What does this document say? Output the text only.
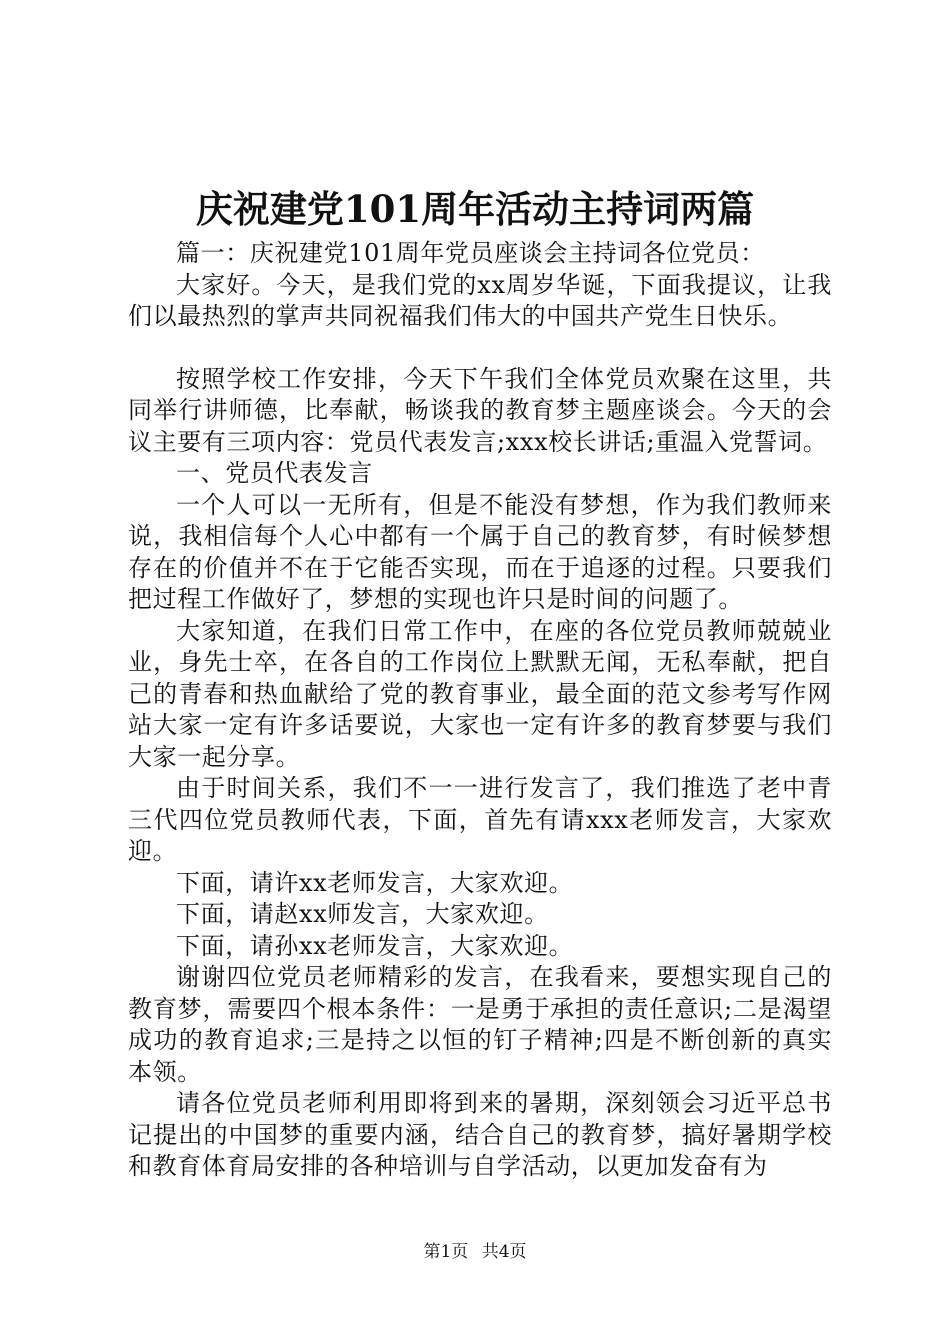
庆祝建党101周年活动主持词两篇

篇一：庆祝建党101周年党员座谈会主持词各位党员：

大家好。今天，是我们党的xx周岁华诞，下面我提议，让我们以最热烈的掌声共同祝福我们伟大的中国共产党生日快乐。

按照学校工作安排，今天下午我们全体党员欢聚在这里，共同举行讲师德，比奉献，畅谈我的教育梦主题座谈会。今天的会议主要有三项内容：党员代表发言;xxx校长讲话;重温入党誓词。

一、党员代表发言

一个人可以一无所有，但是不能没有梦想，作为我们教师来说，我相信每个人心中都有一个属于自己的教育梦，有时候梦想存在的价值并不在于它能否实现，而在于追逐的过程。只要我们把过程工作做好了，梦想的实现也许只是时间的问题了。

大家知道，在我们日常工作中，在座的各位党员教师兢兢业业，身先士卒，在各自的工作岗位上默默无闻，无私奉献，把自己的青春和热血献给了党的教育事业，最全面的范文参考写作网站大家一定有许多话要说，大家也一定有许多的教育梦要与我们大家一起分享。

由于时间关系，我们不一一进行发言了，我们推选了老中青三代四位党员教师代表，下面，首先有请xxx老师发言，大家欢迎。

下面，请许xx老师发言，大家欢迎。

下面，请赵xx师发言，大家欢迎。

下面，请孙xx老师发言，大家欢迎。

谢谢四位党员老师精彩的发言，在我看来，要想实现自己的教育梦，需要四个根本条件：一是勇于承担的责任意识;二是渴望成功的教育追求;三是持之以恒的钉子精神;四是不断创新的真实本领。

请各位党员老师利用即将到来的暑期，深刻领会习近平总书记提出的中国梦的重要内涵，结合自己的教育梦，搞好暑期学校和教育体育局安排的各种培训与自学活动，以更加发奋有为

第1页 共4页
